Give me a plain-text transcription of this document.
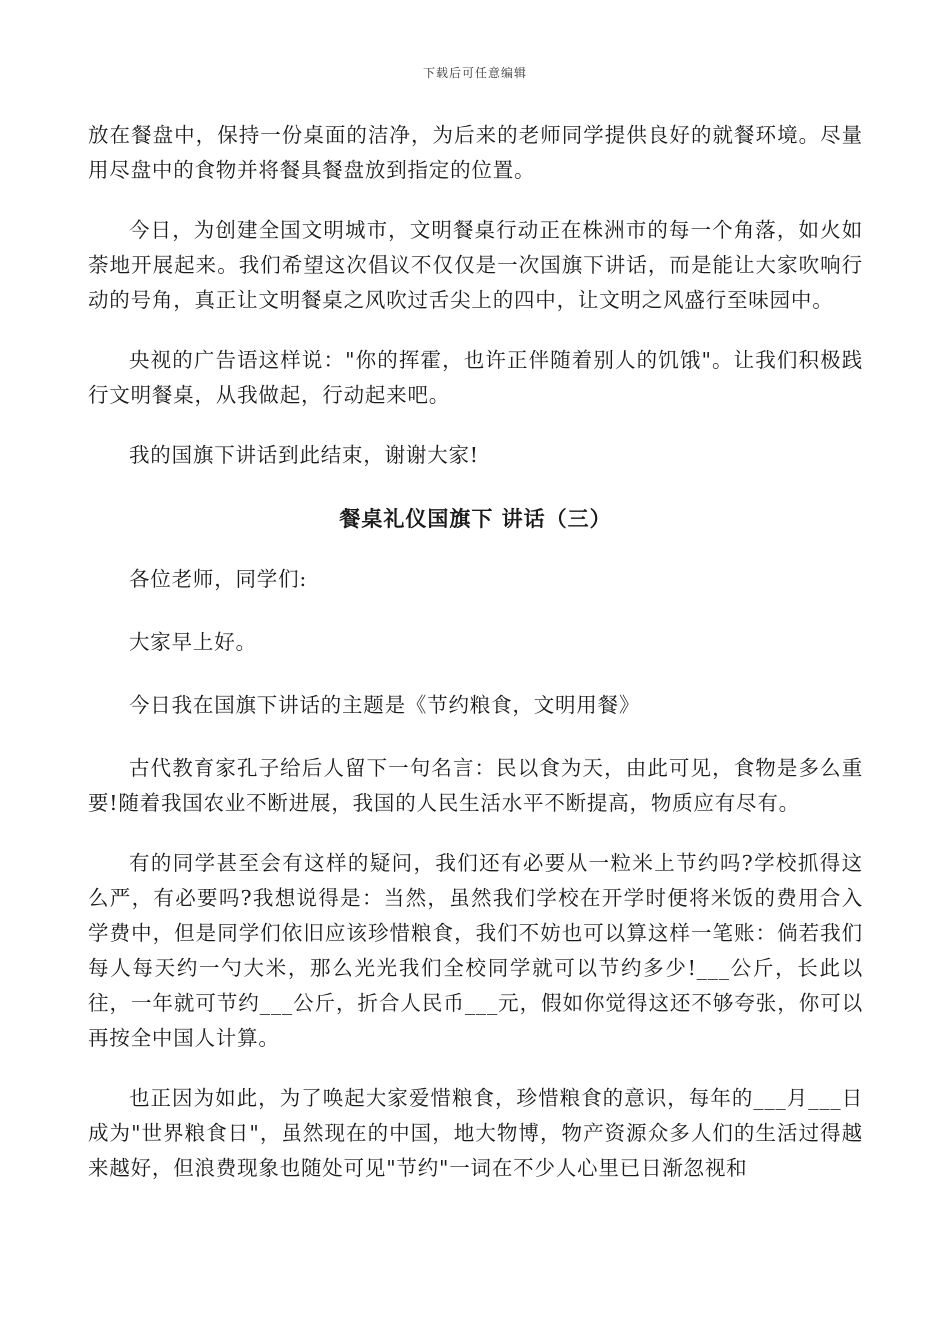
下载后可任意编辑

放在餐盘中，保持一份桌面的洁净，为后来的老师同学提供良好的就餐环境。尽量用尽盘中的食物并将餐具餐盘放到指定的位置。

今日，为创建全国文明城市，文明餐桌行动正在株洲市的每一个角落，如火如荼地开展起来。我们希望这次倡议不仅仅是一次国旗下讲话，而是能让大家吹响行动的号角，真正让文明餐桌之风吹过舌尖上的四中，让文明之风盛行至味园中。

央视的广告语这样说："你的挥霍，也许正伴随着别人的饥饿"。让我们积极践行文明餐桌，从我做起，行动起来吧。

我的国旗下讲话到此结束，谢谢大家!

餐桌礼仪国旗下 讲话（三）

各位老师，同学们:

大家早上好。

今日我在国旗下讲话的主题是《节约粮食，文明用餐》

古代教育家孔子给后人留下一句名言：民以食为天，由此可见，食物是多么重要!随着我国农业不断进展，我国的人民生活水平不断提高，物质应有尽有。

有的同学甚至会有这样的疑问，我们还有必要从一粒米上节约吗?学校抓得这么严，有必要吗?我想说得是：当然，虽然我们学校在开学时便将米饭的费用合入学费中，但是同学们依旧应该珍惜粮食，我们不妨也可以算这样一笔账：倘若我们每人每天约一勺大米，那么光光我们全校同学就可以节约多少!___公斤，长此以往，一年就可节约___公斤，折合人民币___元，假如你觉得这还不够夸张，你可以再按全中国人计算。

也正因为如此，为了唤起大家爱惜粮食，珍惜粮食的意识，每年的___月___日成为"世界粮食日"，虽然现在的中国，地大物博，物产资源众多人们的生活过得越来越好，但浪费现象也随处可见"节约"一词在不少人心里已日渐忽视和
